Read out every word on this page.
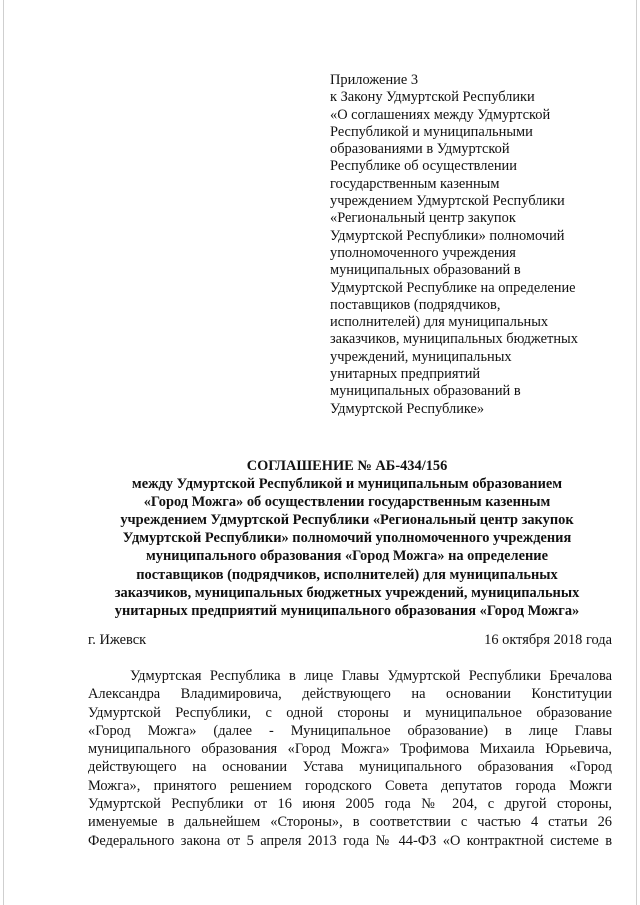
Приложение 3
к Закону Удмуртской Республики
«О соглашениях между Удмуртской
Республикой и муниципальными
образованиями в Удмуртской
Республике об осуществлении
государственным казенным
учреждением Удмуртской Республики
«Региональный центр закупок
Удмуртской Республики» полномочий
уполномоченного учреждения
муниципальных образований в
Удмуртской Республике на определение
поставщиков (подрядчиков,
исполнителей) для муниципальных
заказчиков, муниципальных бюджетных
учреждений, муниципальных
унитарных предприятий
муниципальных образований в
Удмуртской Республике»
СОГЛАШЕНИЕ № АБ-434/156
между Удмуртской Республикой и муниципальным образованием
«Город Можга» об осуществлении государственным казенным
учреждением Удмуртской Республики «Региональный центр закупок
Удмуртской Республики» полномочий уполномоченного учреждения
муниципального образования «Город Можга» на определение
поставщиков (подрядчиков, исполнителей) для муниципальных
заказчиков, муниципальных бюджетных учреждений, муниципальных
унитарных предприятий муниципального образования «Город Можга»
г. Ижевск	16 октября 2018 года
Удмуртская Республика в лице Главы Удмуртской Республики Бречалова
Александра Владимировича, действующего на основании Конституции
Удмуртской Республики, с одной стороны и муниципальное образование
«Город Можга» (далее - Муниципальное образование) в лице Главы
муниципального образования «Город Можга» Трофимова Михаила Юрьевича,
действующего на основании Устава муниципального образования «Город
Можга», принятого решением городского Совета депутатов города Можги
Удмуртской Республики от 16 июня 2005 года № 204, с другой стороны,
именуемые в дальнейшем «Стороны», в соответствии с частью 4 статьи 26
Федерального закона от 5 апреля 2013 года № 44-ФЗ «О контрактной системе в
